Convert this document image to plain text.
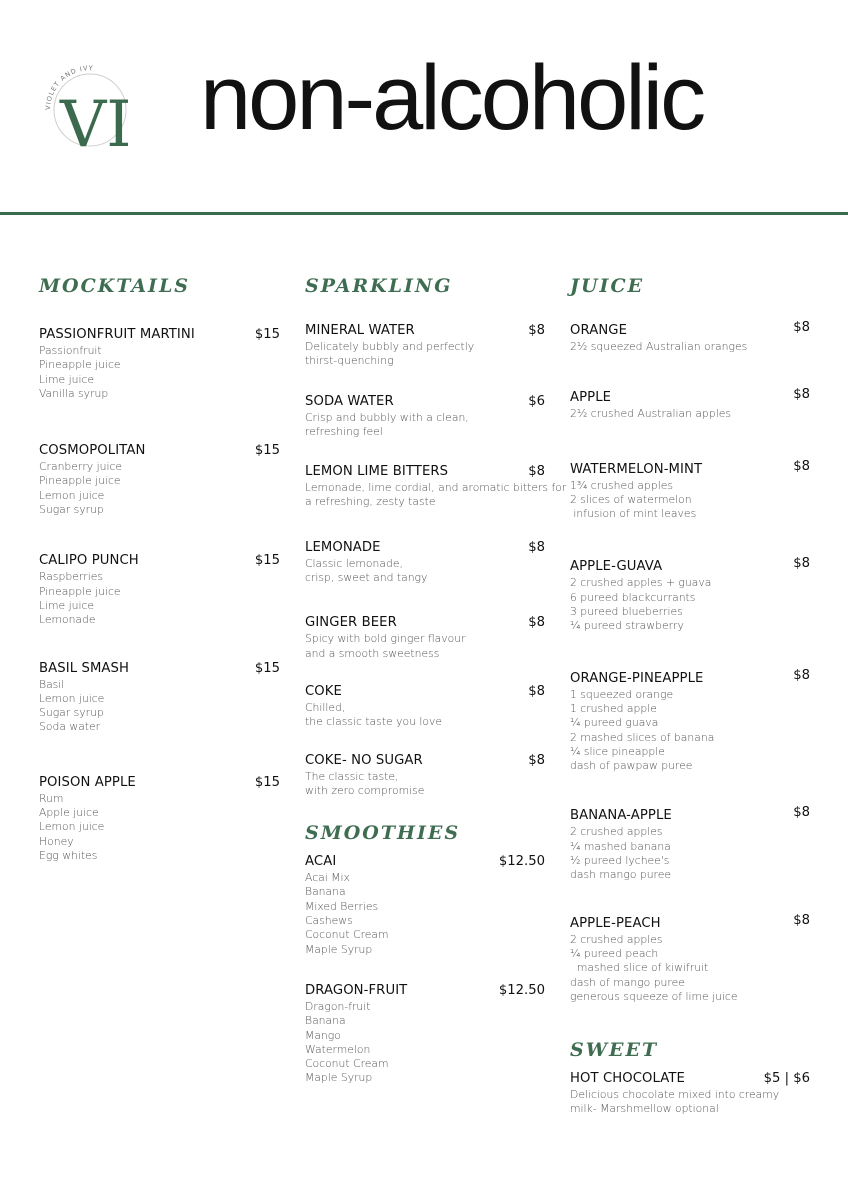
VIOLET AND IVY
VI non-alcoholic
MOCKTAILS
PASSIONFRUIT MARTINI	$15
Passionfruit
Pineapple juice
Lime juice
Vanilla syrup
COSMOPOLITAN	$15
Cranberry juice
Pineapple juice
Lemon juice
Sugar syrup
CALIPO PUNCH	$15
Raspberries
Pineapple juice
Lime juice
Lemonade
BASIL SMASH	$15
Basil
Lemon juice
Sugar syrup
Soda water
POISON APPLE	$15
Rum
Apple juice
Lemon juice
Honey
Egg whites
SPARKLING
MINERAL WATER	$8
Delicately bubbly and perfectly
thirst-quenching
SODA WATER	$6
Crisp and bubbly with a clean,
refreshing feel
LEMON LIME BITTERS	$8
Lemonade, lime cordial, and aromatic bitters for
a refreshing, zesty taste
LEMONADE	$8
Classic lemonade,
crisp, sweet and tangy
GINGER BEER	$8
Spicy with bold ginger flavour
and a smooth sweetness
COKE	$8
Chilled,
the classic taste you love
COKE- NO SUGAR	$8
The classic taste,
with zero compromise
SMOOTHIES
ACAI	$12.50
Acai Mix
Banana
Mixed Berries
Cashews
Coconut Cream
Maple Syrup
DRAGON-FRUIT	$12.50
Dragon-fruit
Banana
Mango
Watermelon
Coconut Cream
Maple Syrup
JUICE
ORANGE	$8
2½ squeezed Australian oranges
APPLE	$8
2½ crushed Australian apples
WATERMELON-MINT	$8
1¾ crushed apples
2 slices of watermelon
infusion of mint leaves
APPLE-GUAVA	$8
2 crushed apples + guava
6 pureed blackcurrants
3 pureed blueberries
¼ pureed strawberry
ORANGE-PINEAPPLE	$8
1 squeezed orange
1 crushed apple
¼ pureed guava
2 mashed slices of banana
¼ slice pineapple
dash of pawpaw puree
BANANA-APPLE	$8
2 crushed apples
¼ mashed banana
½ pureed lychee's
dash mango puree
APPLE-PEACH	$8
2 crushed apples
¼ pureed peach
mashed slice of kiwifruit
dash of mango puree
generous squeeze of lime juice
SWEET
HOT CHOCOLATE	$5 | $6
Delicious chocolate mixed into creamy
milk- Marshmellow optional
